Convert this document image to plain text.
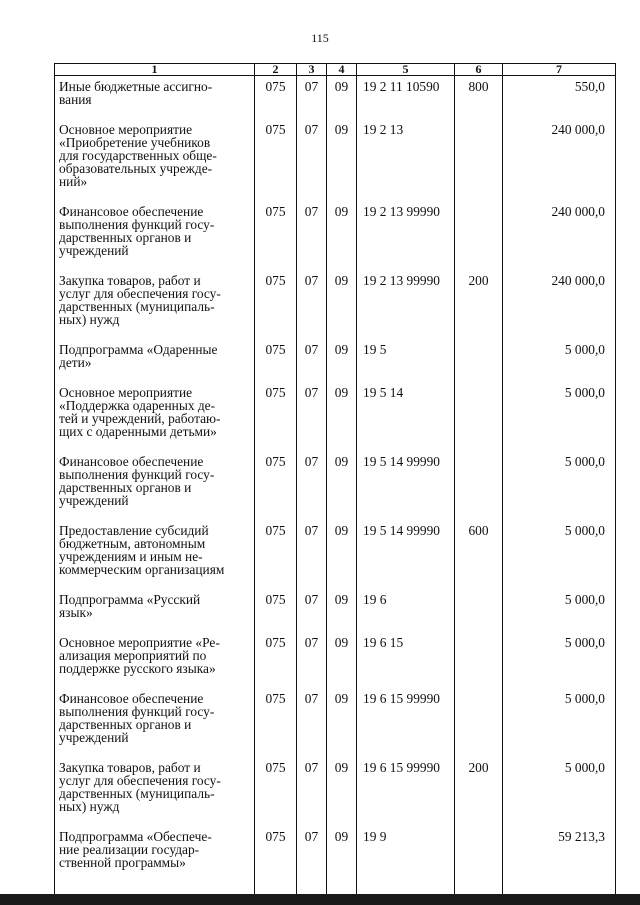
115
1	2	3	4	5	6	7

Иные бюджетные ассигно-
вания	075	07	09	19 2 11 10590	800	550,0

Основное мероприятие
«Приобретение учебников
для государственных обще-
образовательных учрежде-
ний»	075	07	09	19 2 13		240 000,0

Финансовое обеспечение
выполнения функций госу-
дарственных органов и
учреждений	075	07	09	19 2 13 99990		240 000,0

Закупка товаров, работ и
услуг для обеспечения госу-
дарственных (муниципаль-
ных) нужд	075	07	09	19 2 13 99990	200	240 000,0

Подпрограмма «Одаренные
дети»	075	07	09	19 5		5 000,0

Основное мероприятие
«Поддержка одаренных де-
тей и учреждений, работаю-
щих с одаренными детьми»	075	07	09	19 5 14		5 000,0

Финансовое обеспечение
выполнения функций госу-
дарственных органов и
учреждений	075	07	09	19 5 14 99990		5 000,0

Предоставление субсидий
бюджетным, автономным
учреждениям и иным не-
коммерческим организациям	075	07	09	19 5 14 99990	600	5 000,0

Подпрограмма «Русский
язык»	075	07	09	19 6		5 000,0

Основное мероприятие «Ре-
ализация мероприятий по
поддержке русского языка»	075	07	09	19 6 15		5 000,0

Финансовое обеспечение
выполнения функций госу-
дарственных органов и
учреждений	075	07	09	19 6 15 99990		5 000,0

Закупка товаров, работ и
услуг для обеспечения госу-
дарственных (муниципаль-
ных) нужд	075	07	09	19 6 15 99990	200	5 000,0

Подпрограмма «Обеспече-
ние реализации государ-
ственной программы»	075	07	09	19 9		59 213,3
